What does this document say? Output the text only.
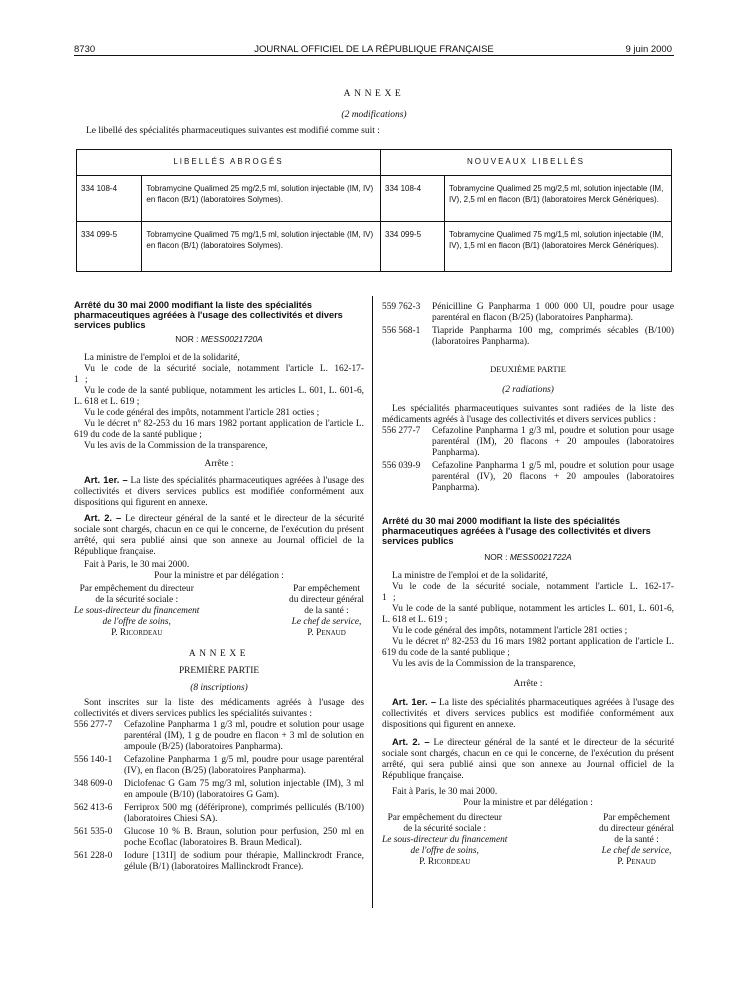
8730	JOURNAL OFFICIEL DE LA RÉPUBLIQUE FRANÇAISE	9 juin 2000
ANNEXE
(2 modifications)
Le libellé des spécialités pharmaceutiques suivantes est modifié comme suit :
LIBELLÉS ABROGÉS		NOUVEAUX LIBELLÉS	
334 108-4	Tobramycine Qualimed 25 mg/2,5 ml, solution injectable (IM, IV) en flacon (B/1) (laboratoires Solymes).	334 108-4	Tobramycine Qualimed 25 mg/2,5 ml, solution injectable (IM, IV), 2,5 ml en flacon (B/1) (laboratoires Merck Génériques).
334 099-5	Tobramycine Qualimed 75 mg/1,5 ml, solution injectable (IM, IV) en flacon (B/1) (laboratoires Solymes).	334 099-5	Tobramycine Qualimed 75 mg/1,5 ml, solution injectable (IM, IV), 1,5 ml en flacon (B/1) (laboratoires Merck Génériques).

Arrêté du 30 mai 2000 modifiant la liste des spécialités pharmaceutiques agréées à l'usage des collectivités et divers services publics

NOR : MESS0021720A

La ministre de l'emploi et de la solidarité,

Vu le code de la sécurité sociale, notamment l'article L. 162-17-1 ;

Vu le code de la santé publique, notamment les articles L. 601, L. 601-6, L. 618 et L. 619 ;

Vu le code général des impôts, notamment l'article 281 octies ;

Vu le décret nº 82-253 du 16 mars 1982 portant application de l'article L. 619 du code de la santé publique ;

Vu les avis de la Commission de la transparence,

Arrête :

Art. 1er. – La liste des spécialités pharmaceutiques agréées à l'usage des collectivités et divers services publics est modifiée conformément aux dispositions qui figurent en annexe.

Art. 2. – Le directeur général de la santé et le directeur de la sécurité sociale sont chargés, chacun en ce qui le concerne, de l'exécution du présent arrêté, qui sera publié ainsi que son annexe au Journal officiel de la République française.

Fait à Paris, le 30 mai 2000.

Pour la ministre et par délégation :

Par empêchement du directeur
de la sécurité sociale :
Le sous-directeur du financement
de l'offre de soins,
P. Ricordeau
Par empêchement
du directeur général
de la santé :
Le chef de service,
P. Penaud

ANNEXE

PREMIÈRE PARTIE

(8 inscriptions)

Sont inscrites sur la liste des médicaments agréés à l'usage des collectivités et divers services publics les spécialités suivantes :

556 277-7	Cefazoline Panpharma 1 g/3 ml, poudre et solution pour usage parentéral (IM), 1 g de poudre en flacon + 3 ml de solution en ampoule (B/25) (laboratoires Panpharma).
556 140-1	Cefazoline Panpharma 1 g/5 ml, poudre pour usage parentéral (IV), en flacon (B/25) (laboratoires Panpharma).
348 609-0	Diclofenac G Gam 75 mg/3 ml, solution injectable (IM), 3 ml en ampoule (B/10) (laboratoires G Gam).
562 413-6	Ferriprox 500 mg (défériprone), comprimés pelliculés (B/100) (laboratoires Chiesi SA).
561 535-0	Glucose 10 % B. Braun, solution pour perfusion, 250 ml en poche Ecoflac (laboratoires B. Braun Medical).
561 228-0	Iodure [131I] de sodium pour thérapie, Mallinckrodt France, gélule (B/1) (laboratoires Mallinckrodt France).
559 762-3	Pénicilline G Panpharma 1 000 000 UI, poudre pour usage parentéral en flacon (B/25) (laboratoires Panpharma).
556 568-1	Tiapride Panpharma 100 mg, comprimés sécables (B/100) (laboratoires Panpharma).

DEUXIÈME PARTIE

(2 radiations)

Les spécialités pharmaceutiques suivantes sont radiées de la liste des médicaments agréés à l'usage des collectivités et divers services publics :

556 277-7	Cefazoline Panpharma 1 g/3 ml, poudre et solution pour usage parentéral (IM), 20 flacons + 20 ampoules (laboratoires Panpharma).
556 039-9	Cefazoline Panpharma 1 g/5 ml, poudre et solution pour usage parentéral (IV), 20 flacons + 20 ampoules (laboratoires Panpharma).

Arrêté du 30 mai 2000 modifiant la liste des spécialités pharmaceutiques agréées à l'usage des collectivités et divers services publics

NOR : MESS0021722A

La ministre de l'emploi et de la solidarité,

Vu le code de la sécurité sociale, notamment l'article L. 162-17-1 ;

Vu le code de la santé publique, notamment les articles L. 601, L. 601-6, L. 618 et L. 619 ;

Vu le code général des impôts, notamment l'article 281 octies ;

Vu le décret nº 82-253 du 16 mars 1982 portant application de l'article L. 619 du code de la santé publique ;

Vu les avis de la Commission de la transparence,

Arrête :

Art. 1er. – La liste des spécialités pharmaceutiques agréées à l'usage des collectivités et divers services publics est modifiée conformément aux dispositions qui figurent en annexe.

Art. 2. – Le directeur général de la santé et le directeur de la sécurité sociale sont chargés, chacun en ce qui le concerne, de l'exécution du présent arrêté, qui sera publié ainsi que son annexe au Journal officiel de la République française.

Fait à Paris, le 30 mai 2000.

Pour la ministre et par délégation :

Par empêchement du directeur
de la sécurité sociale :
Le sous-directeur du financement
de l'offre de soins,
P. Ricordeau
Par empêchement
du directeur général
de la santé :
Le chef de service,
P. Penaud
